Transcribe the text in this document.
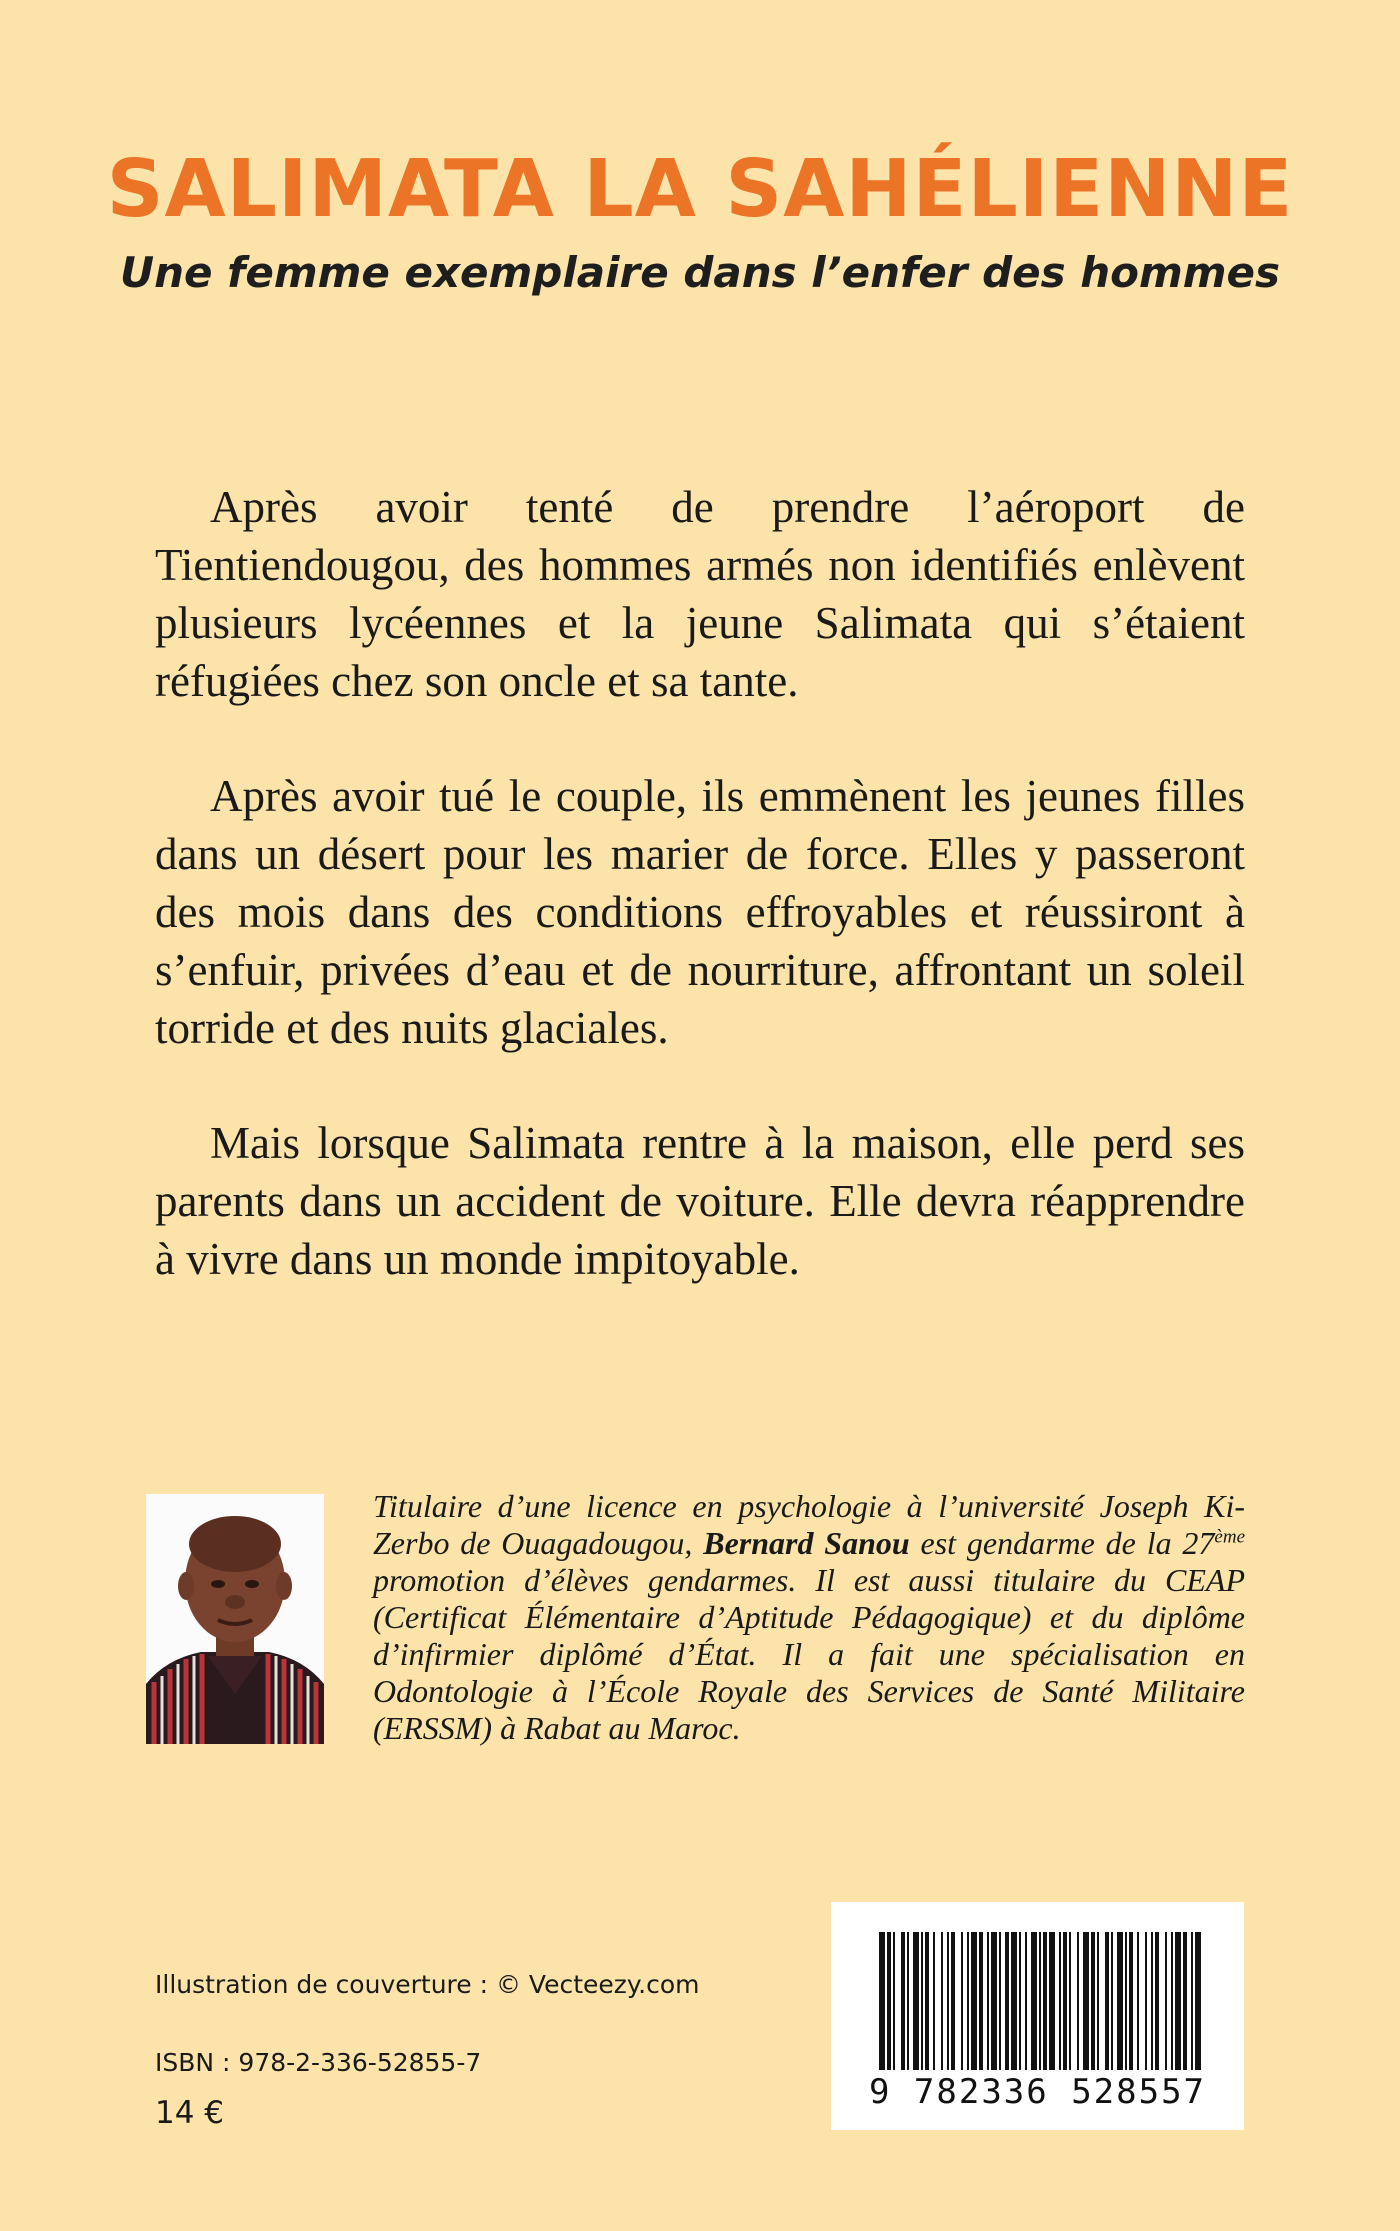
SALIMATA LA SAHÉLIENNE
Une femme exemplaire dans l’enfer des hommes

Après avoir tenté de prendre l’aéroport de Tientiendougou, des hommes armés non identifiés enlèvent plusieurs lycéennes et la jeune Salimata qui s’étaient réfugiées chez son oncle et sa tante.

Après avoir tué le couple, ils emmènent les jeunes filles dans un désert pour les marier de force. Elles y passeront des mois dans des conditions effroyables et réussiront à s’enfuir, privées d’eau et de nourriture, affrontant un soleil torride et des nuits glaciales.

Mais lorsque Salimata rentre à la maison, elle perd ses parents dans un accident de voiture. Elle devra réapprendre à vivre dans un monde impitoyable.

Titulaire d’une licence en psychologie à l’université Joseph Ki-Zerbo de Ouagadougou, Bernard Sanou est gendarme de la 27ème promotion d’élèves gendarmes. Il est aussi titulaire du CEAP (Certificat Élémentaire d’Aptitude Pédagogique) et du diplôme d’infirmier diplômé d’État. Il a fait une spécialisation en Odontologie à l’École Royale des Services de Santé Militaire (ERSSM) à Rabat au Maroc.

Illustration de couverture : © Vecteezy.com
ISBN : 978-2-336-52855-7
14 €
9 782336 528557
